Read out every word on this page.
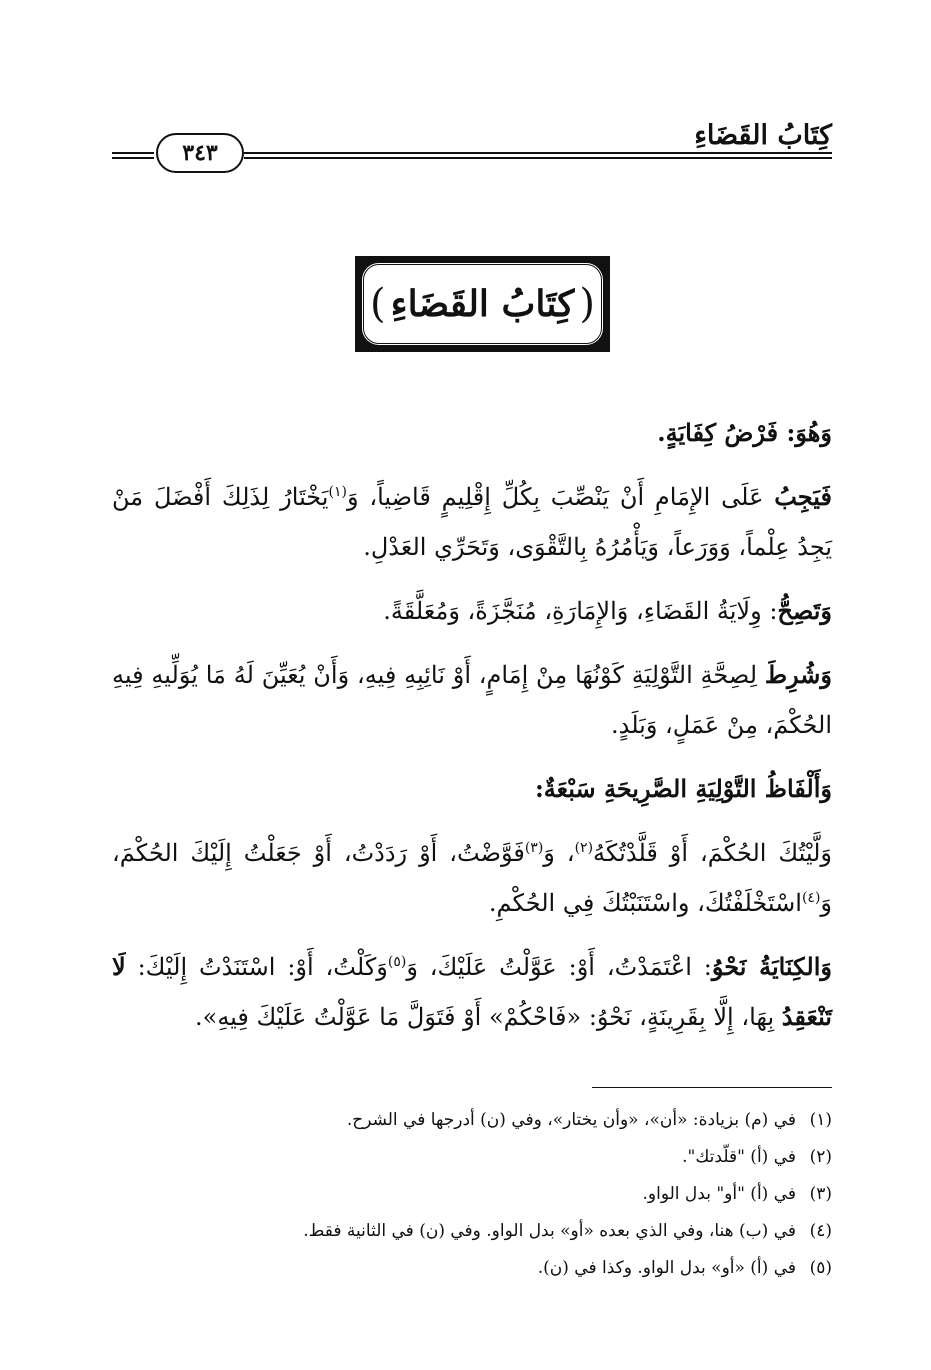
كِتَابُ القَضَاءِ
٣٤٣
( كِتَابُ القَضَاءِ )

وَهُوَ: فَرْضُ كِفَايَةٍ.

فَيَجِبُ عَلَى الإِمَامِ أَنْ يَنْصِّبَ بِكُلِّ إِقْلِيمٍ قَاضِياً، وَ$^{(١)}$يَخْتَارُ لِذَلِكَ أَفْضَلَ مَنْ يَجِدُ عِلْماً، وَوَرَعاً، وَيَأْمُرُهُ بِالتَّقْوَى، وَتَحَرِّي العَدْلِ.

وَتَصِحُّ: وِلَايَةُ القَضَاءِ، وَالإِمَارَةِ، مُنَجَّزَةً، وَمُعَلَّقَةً.

وَشُرِطَ لِصِحَّةِ التَّوْلِيَةِ كَوْنُهَا مِنْ إِمَامٍ، أَوْ نَائِبِهِ فِيهِ، وَأَنْ يُعَيِّنَ لَهُ مَا يُوَلِّيهِ فِيهِ الحُكْمَ، مِنْ عَمَلٍ، وَبَلَدٍ.

وَأَلْفَاظُ التَّوْلِيَةِ الصَّرِيحَةِ سَبْعَةٌ:

وَلَّيْتُكَ الحُكْمَ، أَوْ قَلَّدْتُكَهُ$^{(٢)}$، وَ$^{(٣)}$فَوَّضْتُ، أَوْ رَدَدْتُ، أَوْ جَعَلْتُ إِلَيْكَ الحُكْمَ، وَ$^{(٤)}$اسْتَخْلَفْتُكَ، واسْتَنَبْتُكَ فِي الحُكْمِ.

وَالكِنَايَةُ نَحْوُ: اعْتَمَدْتُ، أَوْ: عَوَّلْتُ عَلَيْكَ، وَ$^{(٥)}$وَكَلْتُ، أَوْ: اسْتَنَدْتُ إِلَيْكَ: لَا تَنْعَقِدُ بِهَا، إِلَّا بِقَرِينَةٍ، نَحْوُ: «فَاحْكُمْ» أَوْ فَتَوَلَّ مَا عَوَّلْتُ عَلَيْكَ فِيهِ».

(١)في (م) بزيادة: «أن»، «وأن يختار»، وفي (ن) أدرجها في الشرح.
(٢)في (أ) "قلّدتك".
(٣)في (أ) "أو" بدل الواو.
(٤)في (ب) هنا، وفي الذي بعده «أو» بدل الواو. وفي (ن) في الثانية فقط.
(٥)في (أ) «أو» بدل الواو. وكذا في (ن).
